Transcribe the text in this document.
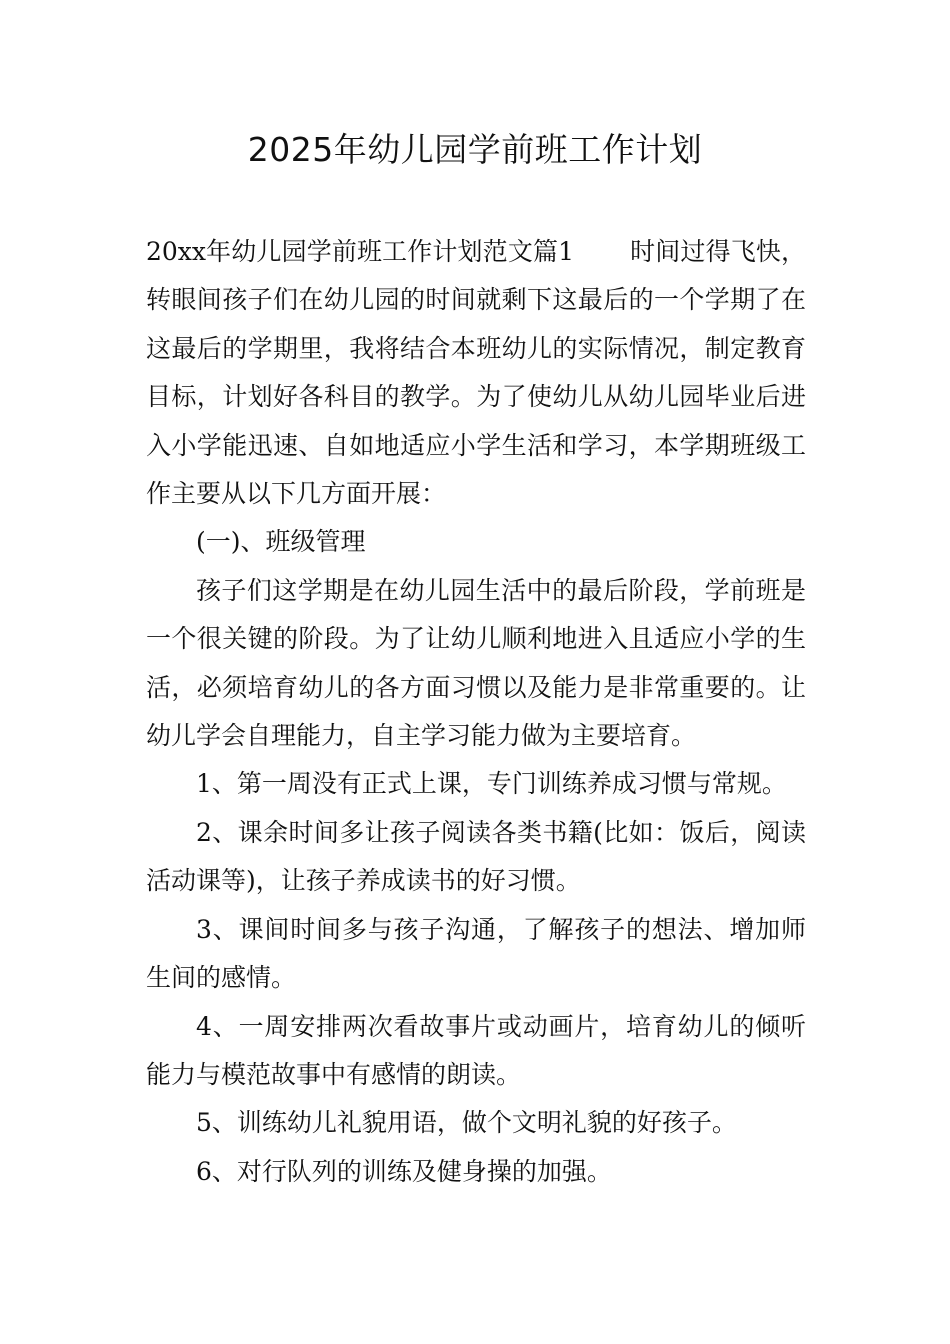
2025年幼儿园学前班工作计划

20xx年幼儿园学前班工作计划范文篇1 时间过得飞快，转眼间孩子们在幼儿园的时间就剩下这最后的一个学期了在这最后的学期里，我将结合本班幼儿的实际情况，制定教育目标，计划好各科目的教学。为了使幼儿从幼儿园毕业后进入小学能迅速、自如地适应小学生活和学习，本学期班级工作主要从以下几方面开展：

(一)、班级管理

孩子们这学期是在幼儿园生活中的最后阶段，学前班是一个很关键的阶段。为了让幼儿顺利地进入且适应小学的生活，必须培育幼儿的各方面习惯以及能力是非常重要的。让幼儿学会自理能力，自主学习能力做为主要培育。

1、第一周没有正式上课，专门训练养成习惯与常规。

2、课余时间多让孩子阅读各类书籍(比如：饭后，阅读活动课等)，让孩子养成读书的好习惯。

3、课间时间多与孩子沟通，了解孩子的想法、增加师生间的感情。

4、一周安排两次看故事片或动画片，培育幼儿的倾听能力与模范故事中有感情的朗读。

5、训练幼儿礼貌用语，做个文明礼貌的好孩子。

6、对行队列的训练及健身操的加强。
